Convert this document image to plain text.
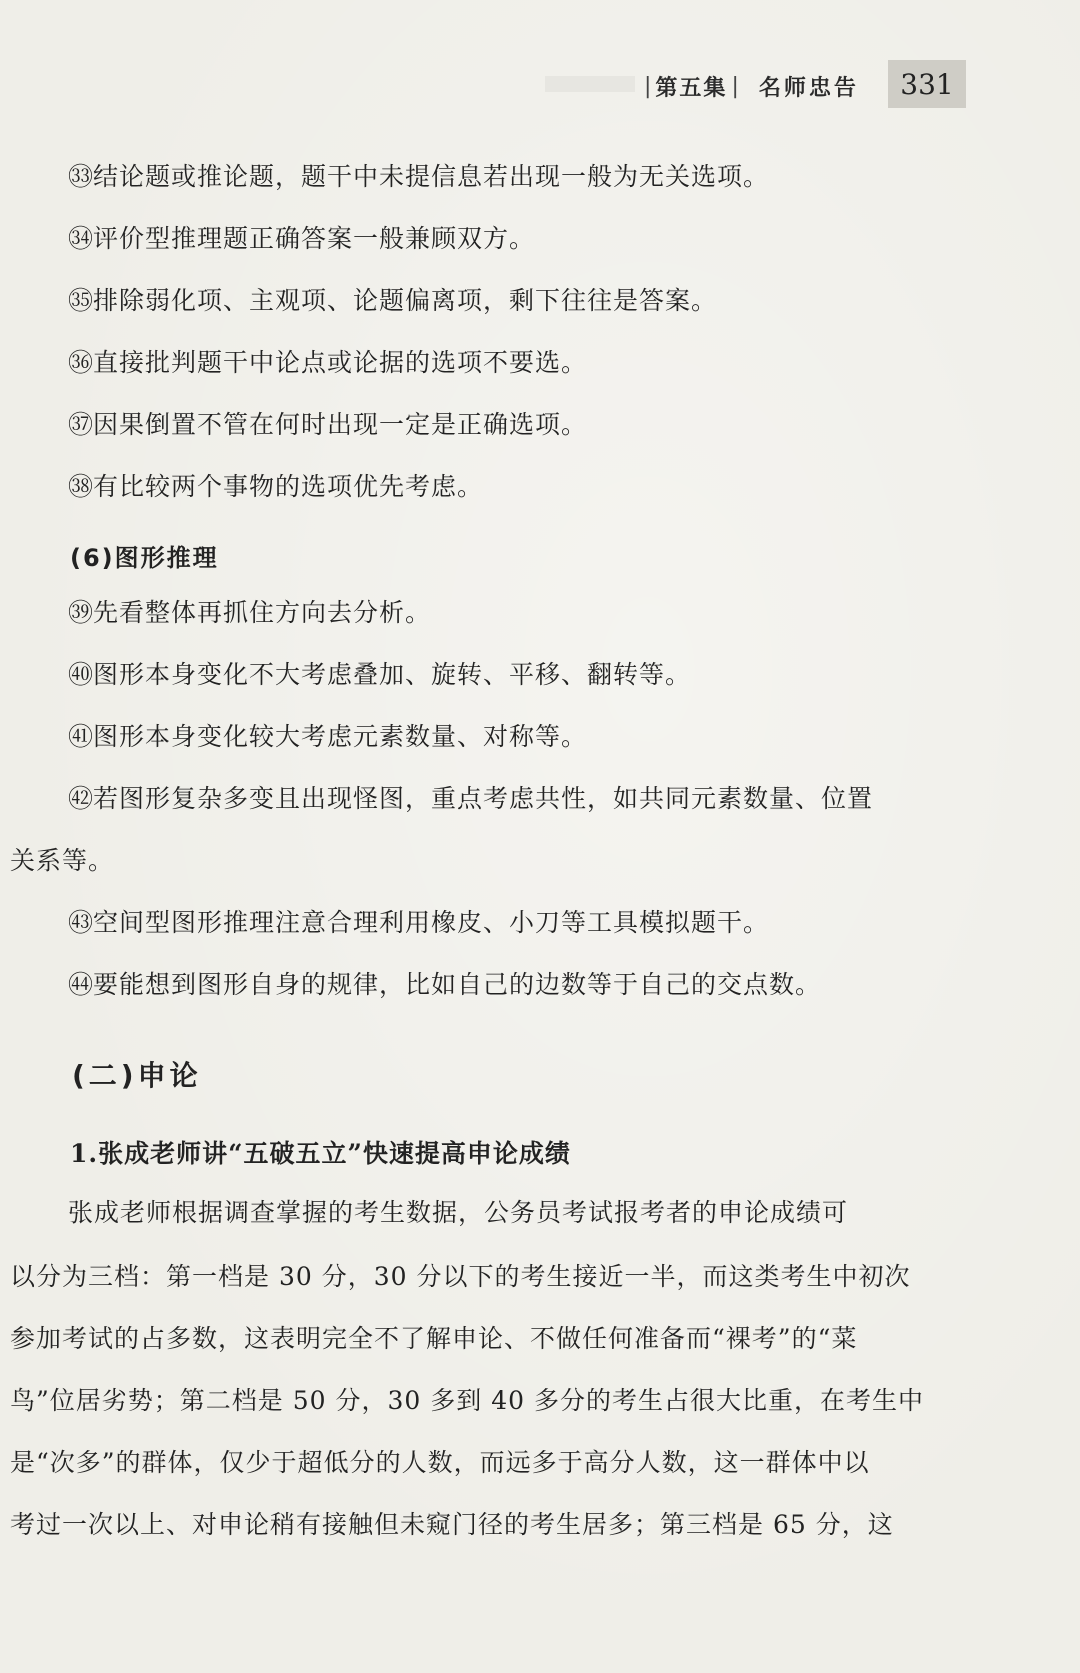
| 第五集 | 名师忠告	331
㉝结论题或推论题，题干中未提信息若出现一般为无关选项。
㉞评价型推理题正确答案一般兼顾双方。
㉟排除弱化项、主观项、论题偏离项，剩下往往是答案。
㊱直接批判题干中论点或论据的选项不要选。
㊲因果倒置不管在何时出现一定是正确选项。
㊳有比较两个事物的选项优先考虑。
(6)图形推理
㊴先看整体再抓住方向去分析。
㊵图形本身变化不大考虑叠加、旋转、平移、翻转等。
㊶图形本身变化较大考虑元素数量、对称等。
㊷若图形复杂多变且出现怪图，重点考虑共性，如共同元素数量、位置
关系等。
㊸空间型图形推理注意合理利用橡皮、小刀等工具模拟题干。
㊹要能想到图形自身的规律，比如自己的边数等于自己的交点数。
(二)申论
1.张成老师讲“五破五立”快速提高申论成绩
张成老师根据调查掌握的考生数据，公务员考试报考者的申论成绩可
以分为三档：第一档是 30 分，30 分以下的考生接近一半，而这类考生中初次
参加考试的占多数，这表明完全不了解申论、不做任何准备而“裸考”的“菜
鸟”位居劣势；第二档是 50 分，30 多到 40 多分的考生占很大比重，在考生中
是“次多”的群体，仅少于超低分的人数，而远多于高分人数，这一群体中以
考过一次以上、对申论稍有接触但未窥门径的考生居多；第三档是 65 分，这
